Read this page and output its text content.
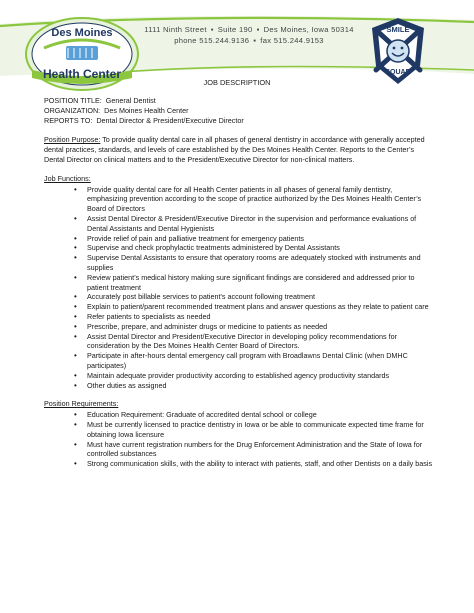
Des Moines
Health Center
1111 Ninth Street ▪ Suite 190 ▪ Des Moines, Iowa 50314
phone 515.244.9136 ▪ fax 515.244.9153
SMILE
SQUAD
JOB DESCRIPTION

POSITION TITLE: General Dentist

ORGANIZATION: Des Moines Health Center

REPORTS TO: Dental Director & President/Executive Director

Position Purpose: To provide quality dental care in all phases of general dentistry in accordance with generally accepted dental practices, standards, and levels of care established by the Des Moines Health Center. Reports to the Center’s Dental Director on clinical matters and to the President/Executive Director for non-clinical matters.
Job Functions:
• Provide quality dental care for all Health Center patients in all phases of general family dentistry, emphasizing prevention according to the scope of practice authorized by the Des Moines Health Center’s Board of Directors
• Assist Dental Director & President/Executive Director in the supervision and performance evaluations of Dental Assistants and Dental Hygienists
• Provide relief of pain and palliative treatment for emergency patients
• Supervise and check prophylactic treatments administered by Dental Assistants
• Supervise Dental Assistants to ensure that operatory rooms are adequately stocked with instruments and supplies
• Review patient’s medical history making sure significant findings are considered and addressed prior to patient treatment
• Accurately post billable services to patient’s account following treatment
• Explain to patient/parent recommended treatment plans and answer questions as they relate to patient care
• Refer patients to specialists as needed
• Prescribe, prepare, and administer drugs or medicine to patients as needed
• Assist Dental Director and President/Executive Director in developing policy recommendations for consideration by the Des Moines Health Center Board of Directors.
• Participate in after-hours dental emergency call program with Broadlawns Dental Clinic (when DMHC participates)
• Maintain adequate provider productivity according to established agency productivity standards
• Other duties as assigned
Position Requirements:
• Education Requirement: Graduate of accredited dental school or college
• Must be currently licensed to practice dentistry in Iowa or be able to communicate expected time frame for obtaining Iowa licensure
• Must have current registration numbers for the Drug Enforcement Administration and the State of Iowa for controlled substances
• Strong communication skills, with the ability to interact with patients, staff, and other Dentists on a daily basis
